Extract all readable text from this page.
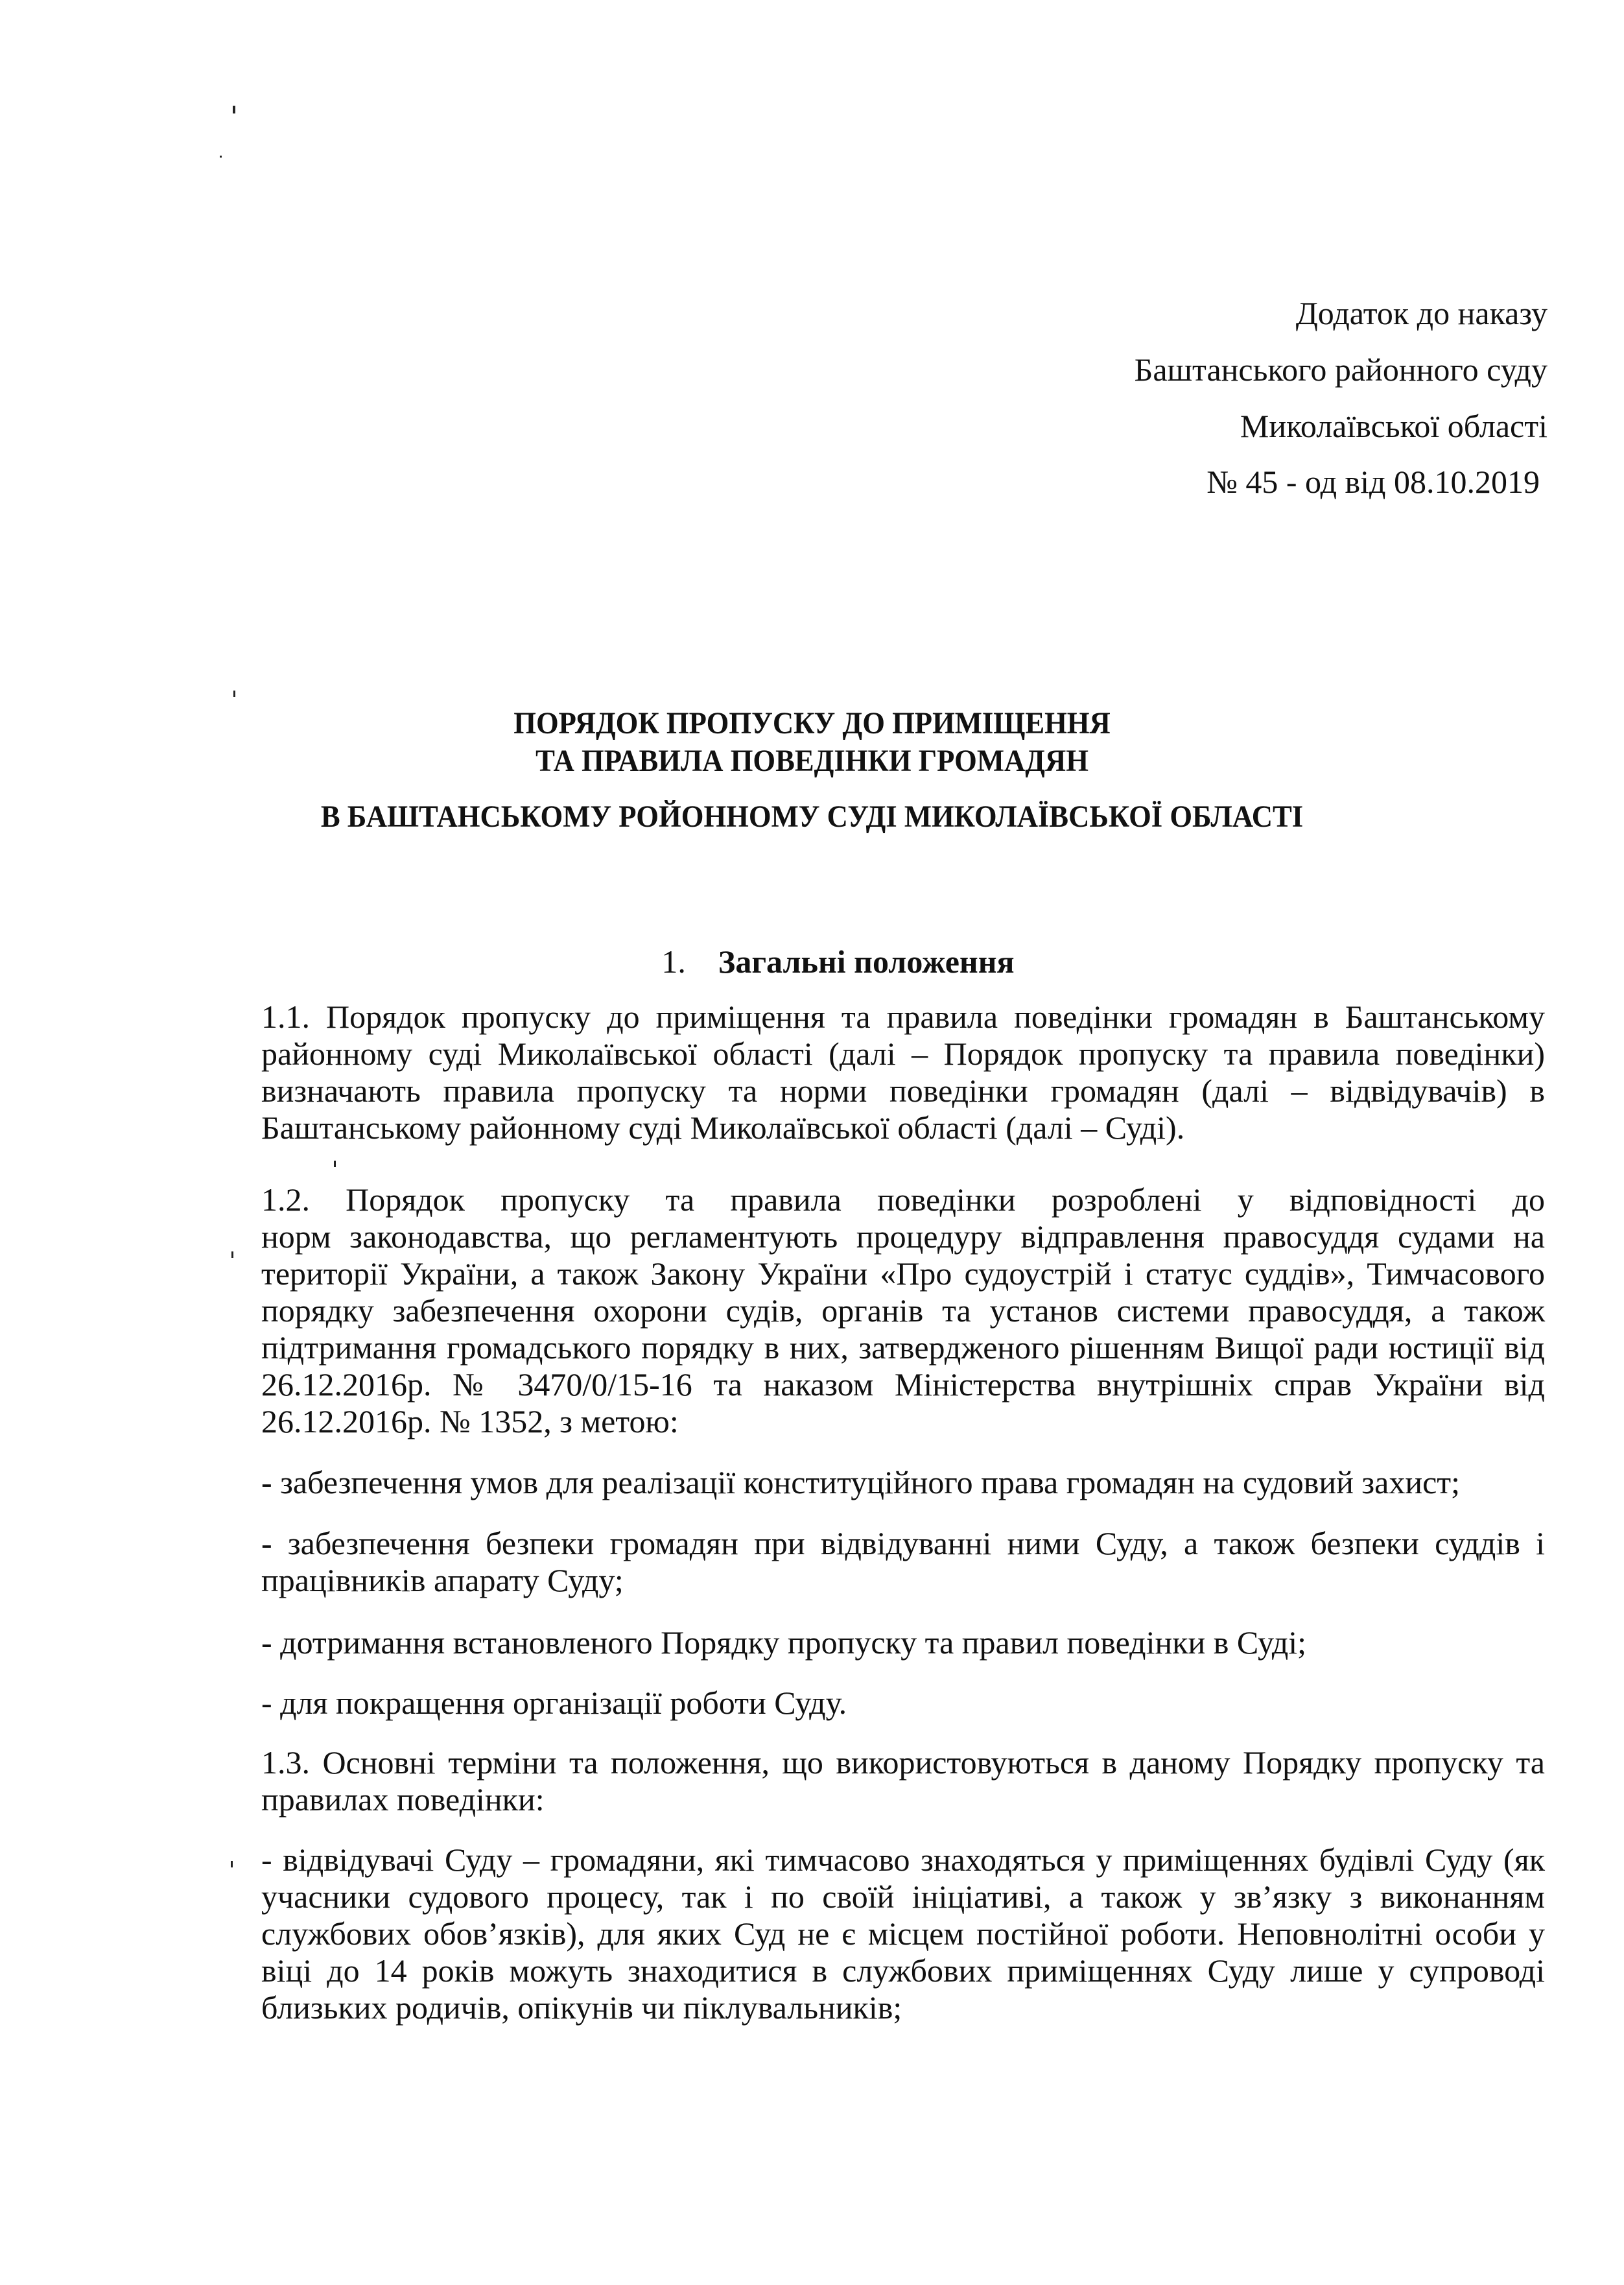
Додаток до наказу
Баштанського районного суду
Миколаївської області
№ 45 - од від 08.10.2019
ПОРЯДОК ПРОПУСКУ ДО ПРИМІЩЕННЯ
ТА ПРАВИЛА ПОВЕДІНКИ ГРОМАДЯН
В БАШТАНСЬКОМУ РОЙОННОМУ СУДІ МИКОЛАЇВСЬКОЇ ОБЛАСТІ
1. Загальні положення
1.1. Порядок пропуску до приміщення та правила поведінки громадян в Баштанському
районному суді Миколаївської області (далі – Порядок пропуску та правила поведінки)
визначають правила пропуску та норми поведінки громадян (далі – відвідувачів) в
Баштанському районному суді Миколаївської області (далі – Суді).
1.2. Порядок пропуску та правила поведінки розроблені у відповідності до
норм законодавства, що регламентують процедуру відправлення правосуддя судами на
території України, а також Закону України «Про судоустрій і статус суддів», Тимчасового
порядку забезпечення охорони судів, органів та установ системи правосуддя, а також
підтримання громадського порядку в них, затвердженого рішенням Вищої ради юстиції від
26.12.2016р. № 3470/0/15-16 та наказом Міністерства внутрішніх справ України від
26.12.2016р. № 1352, з метою:
- забезпечення умов для реалізації конституційного права громадян на судовий захист;
- забезпечення безпеки громадян при відвідуванні ними Суду, а також безпеки суддів і
працівників апарату Суду;
- дотримання встановленого Порядку пропуску та правил поведінки в Суді;
- для покращення організації роботи Суду.
1.3. Основні терміни та положення, що використовуються в даному Порядку пропуску та
правилах поведінки:
- відвідувачі Суду – громадяни, які тимчасово знаходяться у приміщеннях будівлі Суду (як
учасники судового процесу, так і по своїй ініціативі, а також у зв’язку з виконанням
службових обов’язків), для яких Суд не є місцем постійної роботи. Неповнолітні особи у
віці до 14 років можуть знаходитися в службових приміщеннях Суду лише у супроводі
близьких родичів, опікунів чи піклувальників;
